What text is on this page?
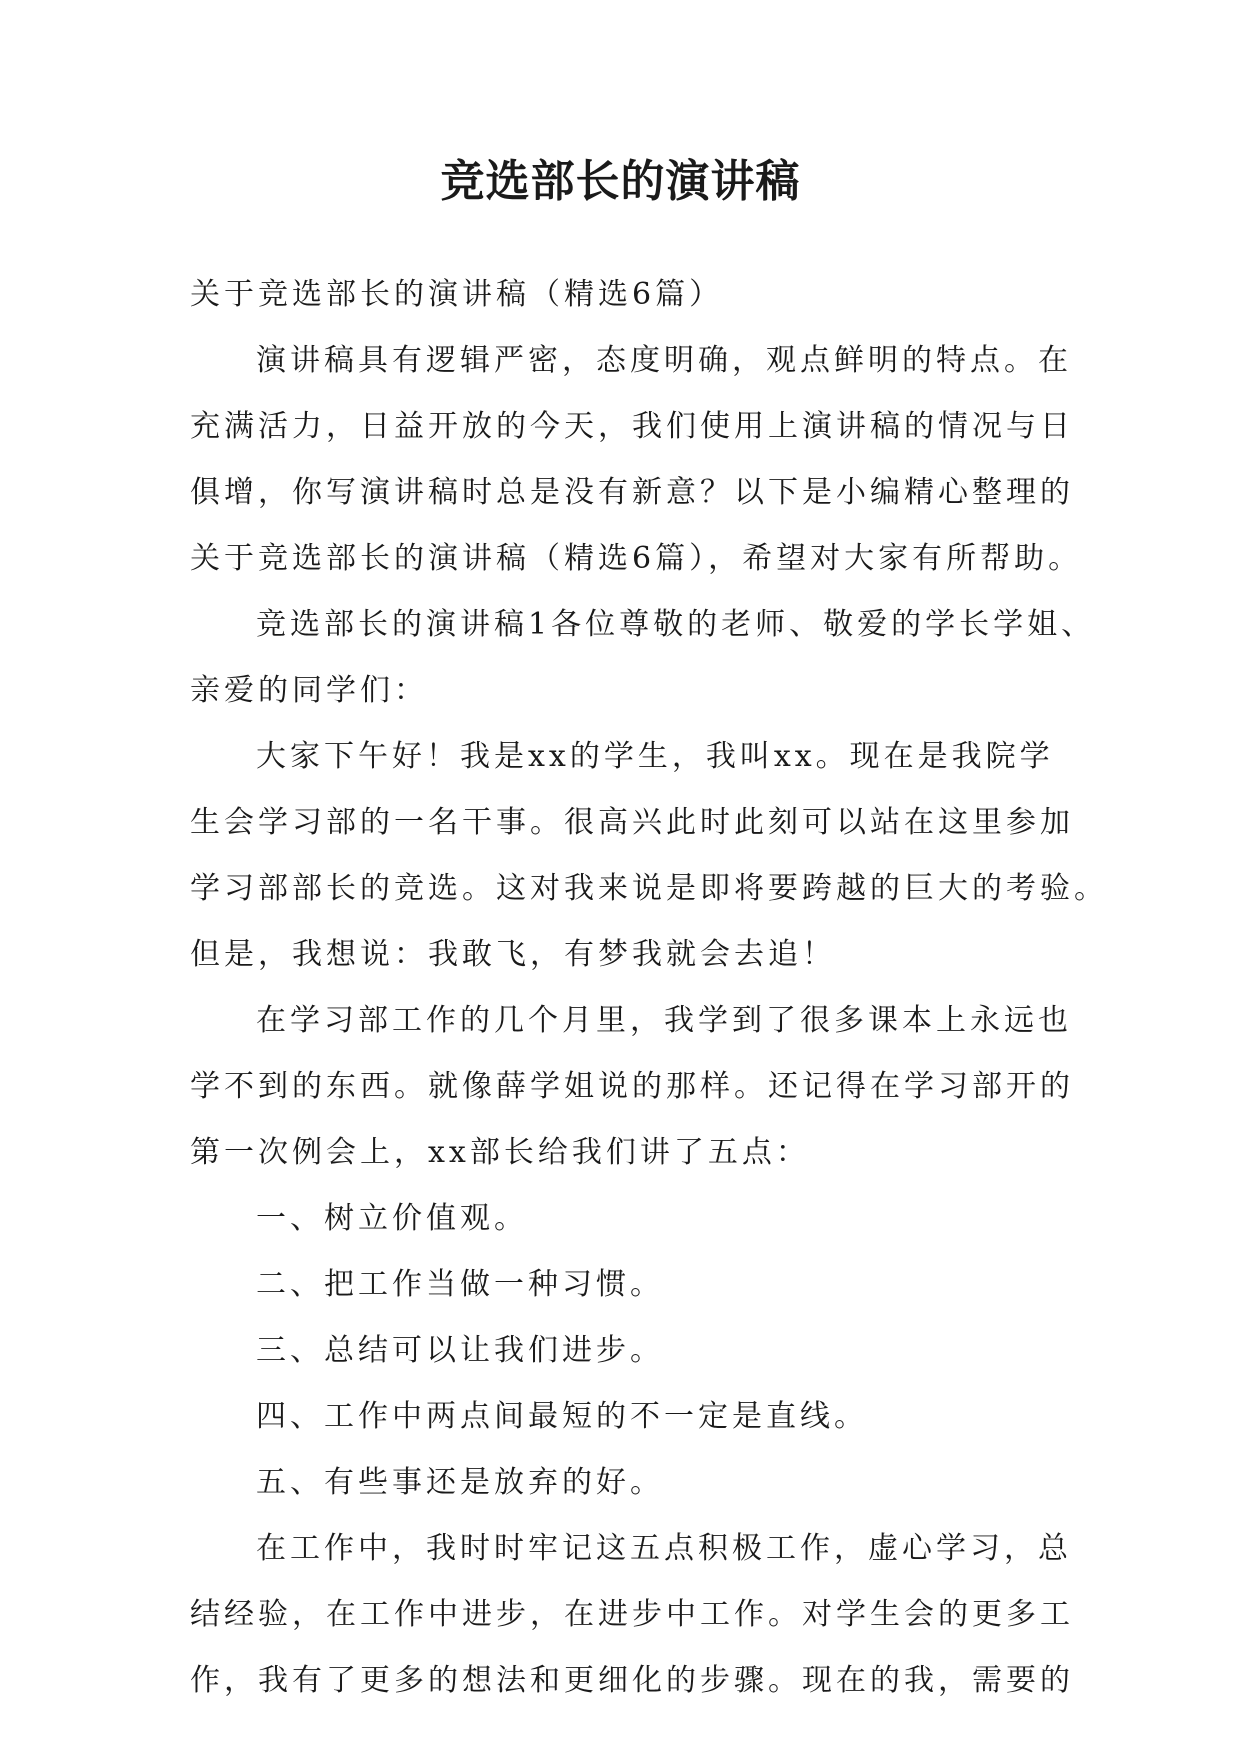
竞选部长的演讲稿
关于竞选部长的演讲稿（精选6篇）
演讲稿具有逻辑严密，态度明确，观点鲜明的特点。在
充满活力，日益开放的今天，我们使用上演讲稿的情况与日
俱增，你写演讲稿时总是没有新意？以下是小编精心整理的
关于竞选部长的演讲稿（精选6篇），希望对大家有所帮助。
竞选部长的演讲稿1各位尊敬的老师、敬爱的学长学姐、
亲爱的同学们：
大家下午好！我是xx的学生，我叫xx。现在是我院学
生会学习部的一名干事。很高兴此时此刻可以站在这里参加
学习部部长的竞选。这对我来说是即将要跨越的巨大的考验。
但是，我想说：我敢飞，有梦我就会去追！
在学习部工作的几个月里，我学到了很多课本上永远也
学不到的东西。就像薛学姐说的那样。还记得在学习部开的
第一次例会上，xx部长给我们讲了五点：
一、树立价值观。
二、把工作当做一种习惯。
三、总结可以让我们进步。
四、工作中两点间最短的不一定是直线。
五、有些事还是放弃的好。
在工作中，我时时牢记这五点积极工作，虚心学习，总
结经验，在工作中进步，在进步中工作。对学生会的更多工
作，我有了更多的想法和更细化的步骤。现在的我，需要的
